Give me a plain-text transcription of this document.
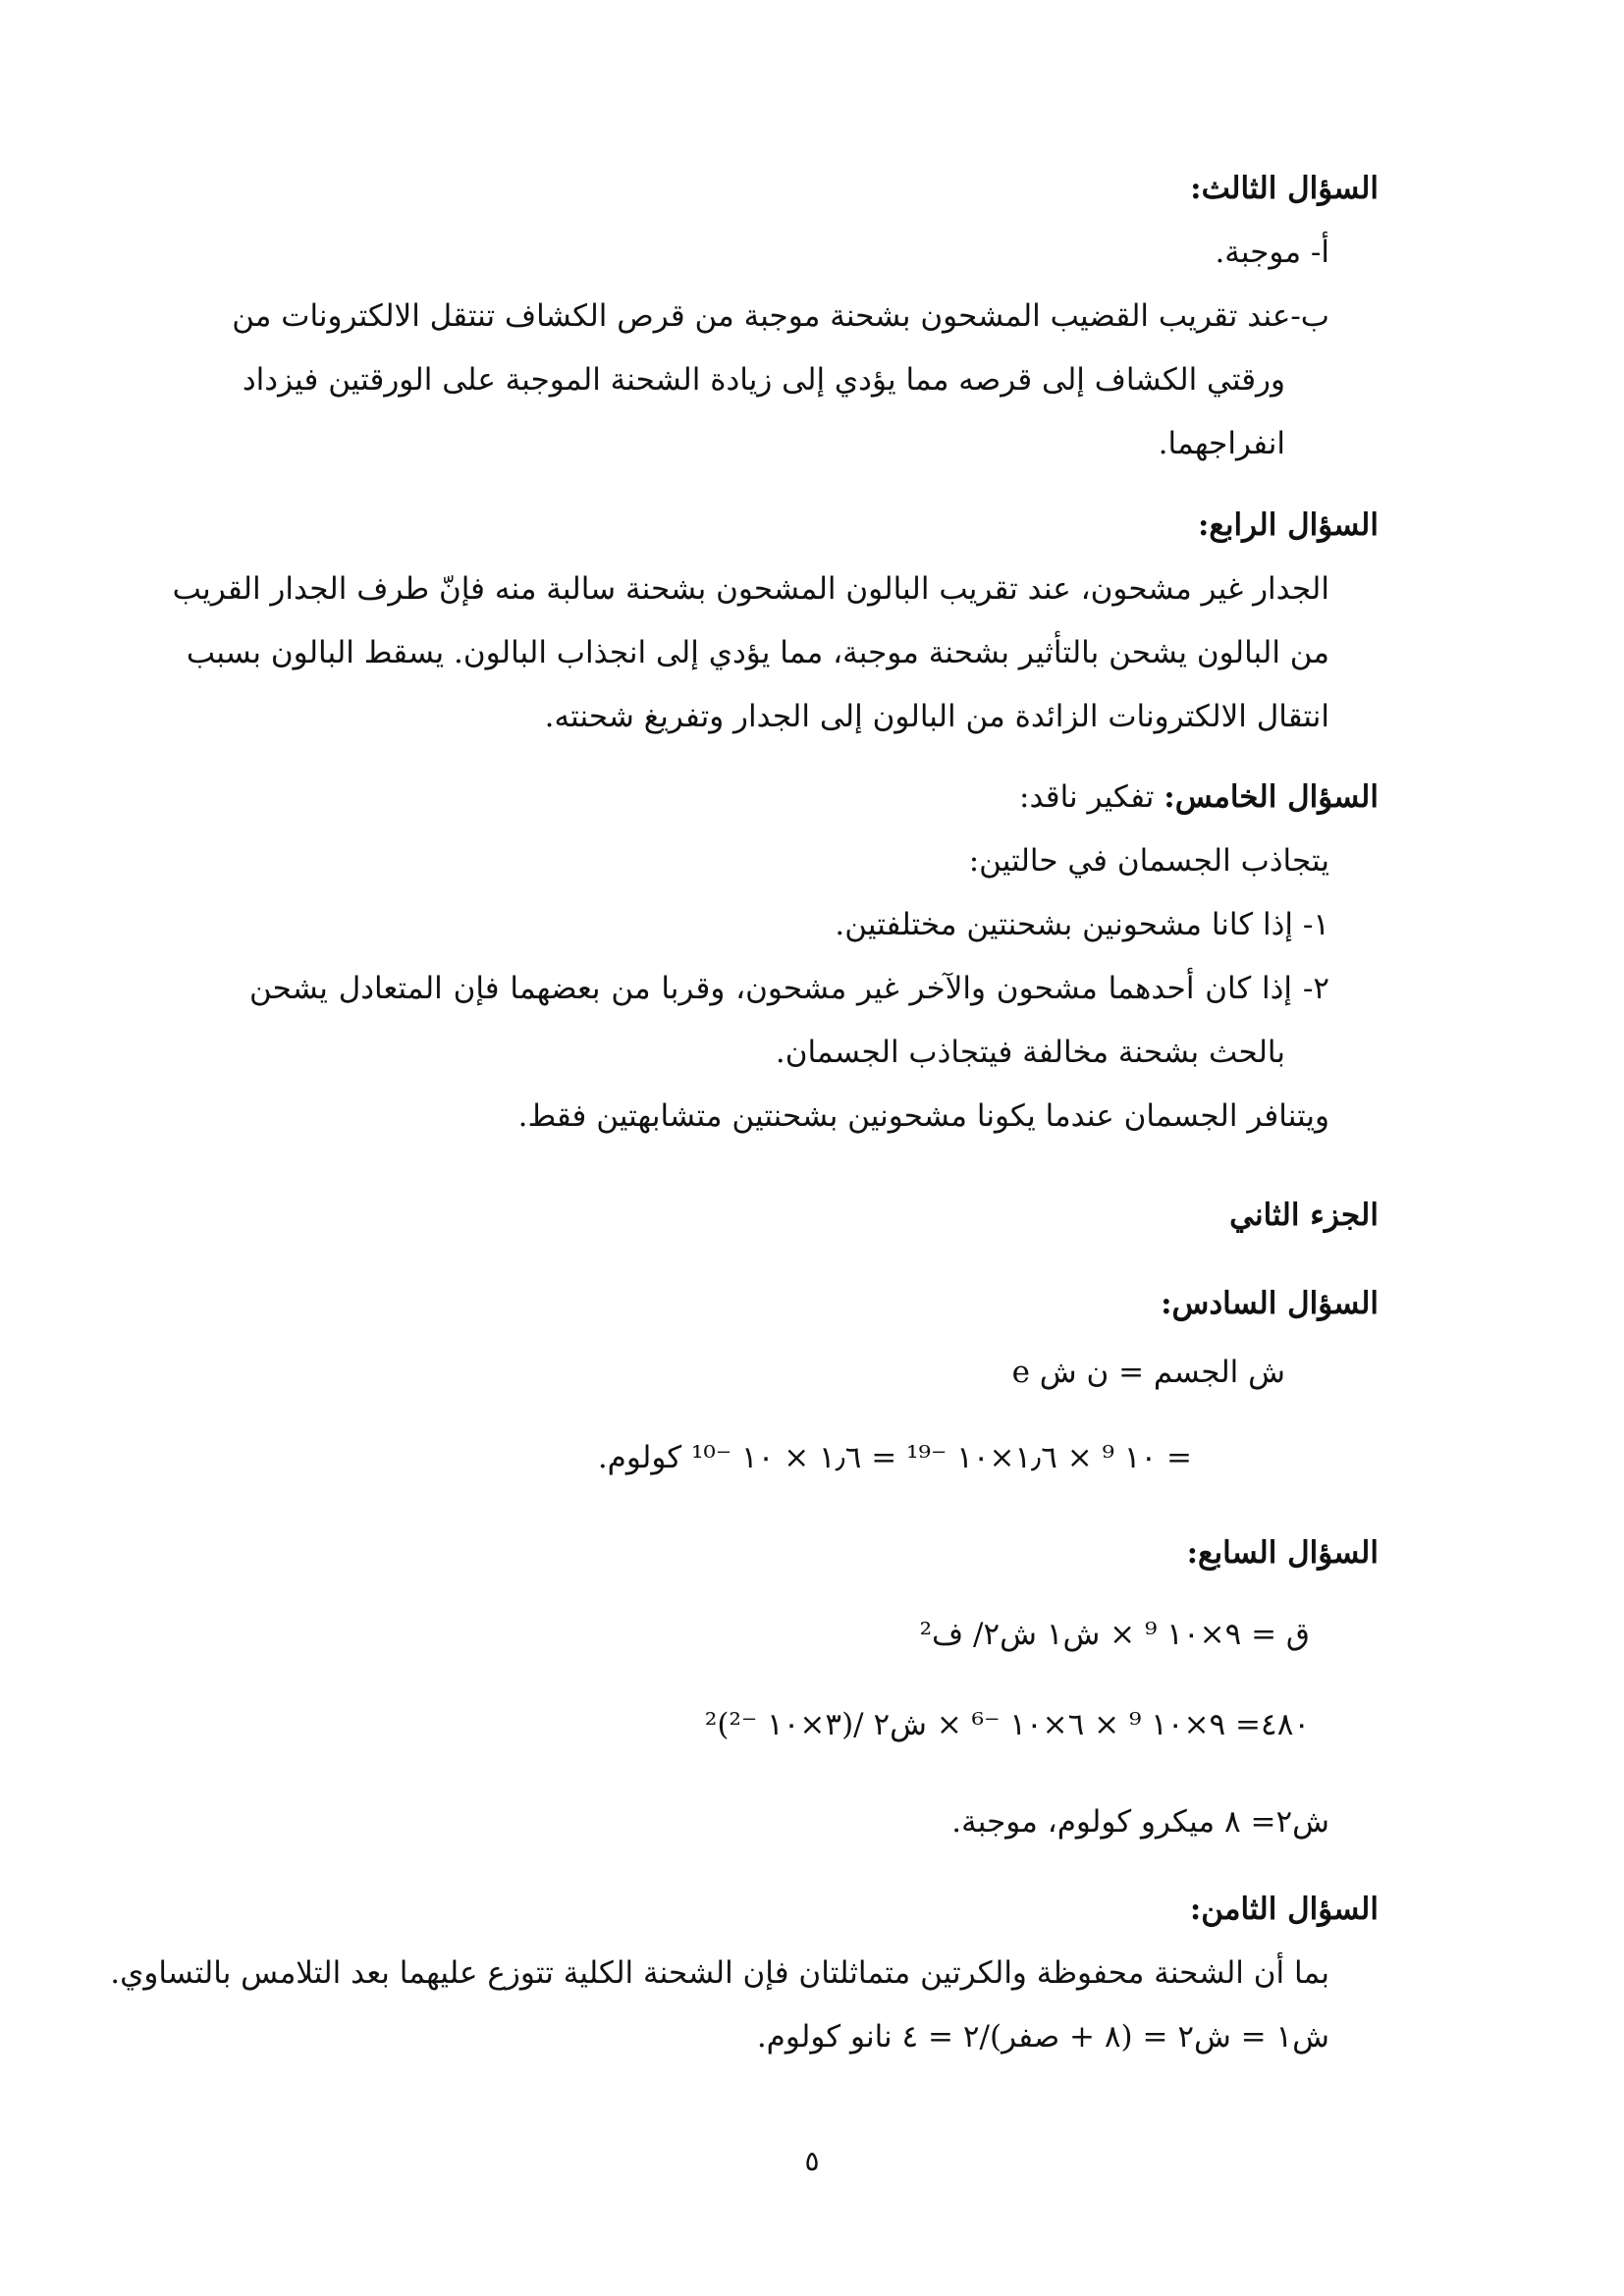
السؤال الثالث:
أ- موجبة.
ب-عند تقريب القضيب المشحون بشحنة موجبة من قرص الكشاف تنتقل الالكترونات من
ورقتي الكشاف إلى قرصه مما يؤدي إلى زيادة الشحنة الموجبة على الورقتين فيزداد
انفراجهما.
السؤال الرابع:
الجدار غير مشحون، عند تقريب البالون المشحون بشحنة سالبة منه فإنّ طرف الجدار القريب
من البالون يشحن بالتأثير بشحنة موجبة، مما يؤدي إلى انجذاب البالون. يسقط البالون بسبب
انتقال الالكترونات الزائدة من البالون إلى الجدار وتفريغ شحنته.
السؤال الخامس: تفكير ناقد:
يتجاذب الجسمان في حالتين:
١- إذا كانا مشحونين بشحنتين مختلفتين.
٢- إذا كان أحدهما مشحون والآخر غير مشحون، وقربا من بعضهما فإن المتعادل يشحن
بالحث بشحنة مخالفة فيتجاذب الجسمان.
ويتنافر الجسمان عندما يكونا مشحونين بشحنتين متشابهتين فقط.
الجزء الثاني
السؤال السادس:
ش الجسم = ن ش e
= ١٠ ⁹ × ١٫٦×١٠ ⁻¹⁹ = ١٫٦ × ١٠ ⁻¹⁰ كولوم.
السؤال السابع:
ق = ٩×١٠ ⁹ × ش١ ش٢/ ف²
٤٨٠= ٩×١٠ ⁹ × ٦×١٠ ⁻⁶ × ش٢ /(٣×١٠ ⁻²)²
ش٢= ٨ ميكرو كولوم، موجبة.
السؤال الثامن:
بما أن الشحنة محفوظة والكرتين متماثلتان فإن الشحنة الكلية تتوزع عليهما بعد التلامس بالتساوي.
ش١ = ش٢ = (٨ + صفر)/٢ = ٤ نانو كولوم.
٥
